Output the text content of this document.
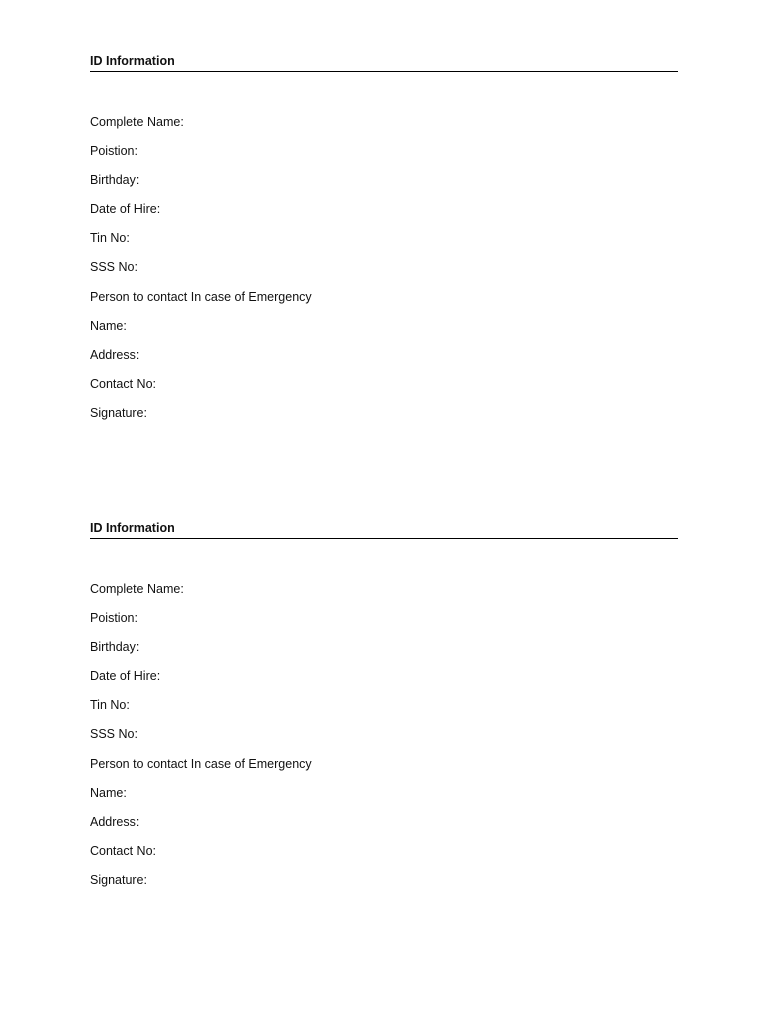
ID Information
Complete Name:
Poistion:
Birthday:
Date of Hire:
Tin No:
SSS No:
Person to contact In case of Emergency
Name:
Address:
Contact No:
Signature:
ID Information
Complete Name:
Poistion:
Birthday:
Date of Hire:
Tin No:
SSS No:
Person to contact In case of Emergency
Name:
Address:
Contact No:
Signature:
